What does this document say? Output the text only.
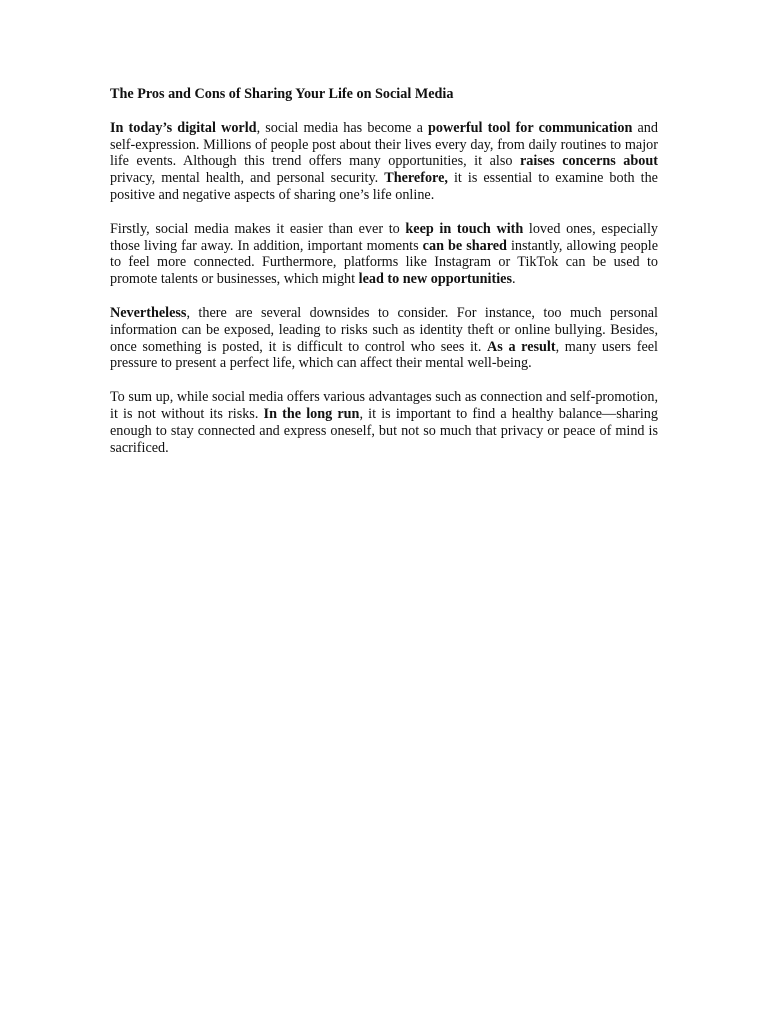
The Pros and Cons of Sharing Your Life on Social Media
In today’s digital world, social media has become a powerful tool for communication and self-expression. Millions of people post about their lives every day, from daily routines to major life events. Although this trend offers many opportunities, it also raises concerns about privacy, mental health, and personal security. Therefore, it is essential to examine both the positive and negative aspects of sharing one’s life online.
Firstly, social media makes it easier than ever to keep in touch with loved ones, especially those living far away. In addition, important moments can be shared instantly, allowing people to feel more connected. Furthermore, platforms like Instagram or TikTok can be used to promote talents or businesses, which might lead to new opportunities.
Nevertheless, there are several downsides to consider. For instance, too much personal information can be exposed, leading to risks such as identity theft or online bullying. Besides, once something is posted, it is difficult to control who sees it. As a result, many users feel pressure to present a perfect life, which can affect their mental well-being.
To sum up, while social media offers various advantages such as connection and self-promotion, it is not without its risks. In the long run, it is important to find a healthy balance—sharing enough to stay connected and express oneself, but not so much that privacy or peace of mind is sacrificed.
